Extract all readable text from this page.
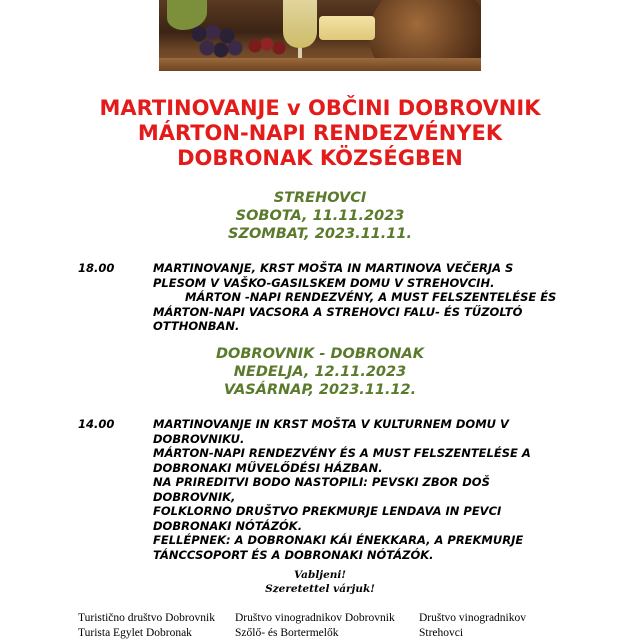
MARTINOVANJE v OBČINI DOBROVNIK
MÁRTON-NAPI RENDEZVÉNYEK
DOBRONAK KÖZSÉGBEN
STREHOVCI
SOBOTA, 11.11.2023
SZOMBAT, 2023.11.11.
18.00	MARTINOVANJE, KRST MOŠTA IN MARTINOVA VEČERJA S
PLESOM V VAŠKO-GASILSKEM DOMU V STREHOVCIH.
MÁRTON -NAPI RENDEZVÉNY, A MUST FELSZENTELÉSE ÉS
MÁRTON-NAPI VACSORA A STREHOVCI FALU- ÉS TŰZOLTÓ
OTTHONBAN.
DOBROVNIK - DOBRONAK
NEDELJA, 12.11.2023
VASÁRNAP, 2023.11.12.
14.00	MARTINOVANJE IN KRST MOŠTA V KULTURNEM DOMU V
DOBROVNIKU.
MÁRTON-NAPI RENDEZVÉNY ÉS A MUST FELSZENTELÉSE A
DOBRONAKI MŰVELŐDÉSI HÁZBAN.
NA PRIREDITVI BODO NASTOPILI: PEVSKI ZBOR DOŠ
DOBROVNIK,
FOLKLORNO DRUŠTVO PREKMURJE LENDAVA IN PEVCI
DOBRONAKI NÓTÁZÓK.
FELLÉPNEK: A DOBRONAKI KÁI ÉNEKKARA, A PREKMURJE
TÁNCCSOPORT ÉS A DOBRONAKI NÓTÁZÓK.
Vabljeni!
Szeretettel várjuk!
Turistično društvo Dobrovnik
Turista Egylet Dobronak
Društvo vinogradnikov Dobrovnik
Szőlő- és Bortermelők
Društvo vinogradnikov
Strehovci
